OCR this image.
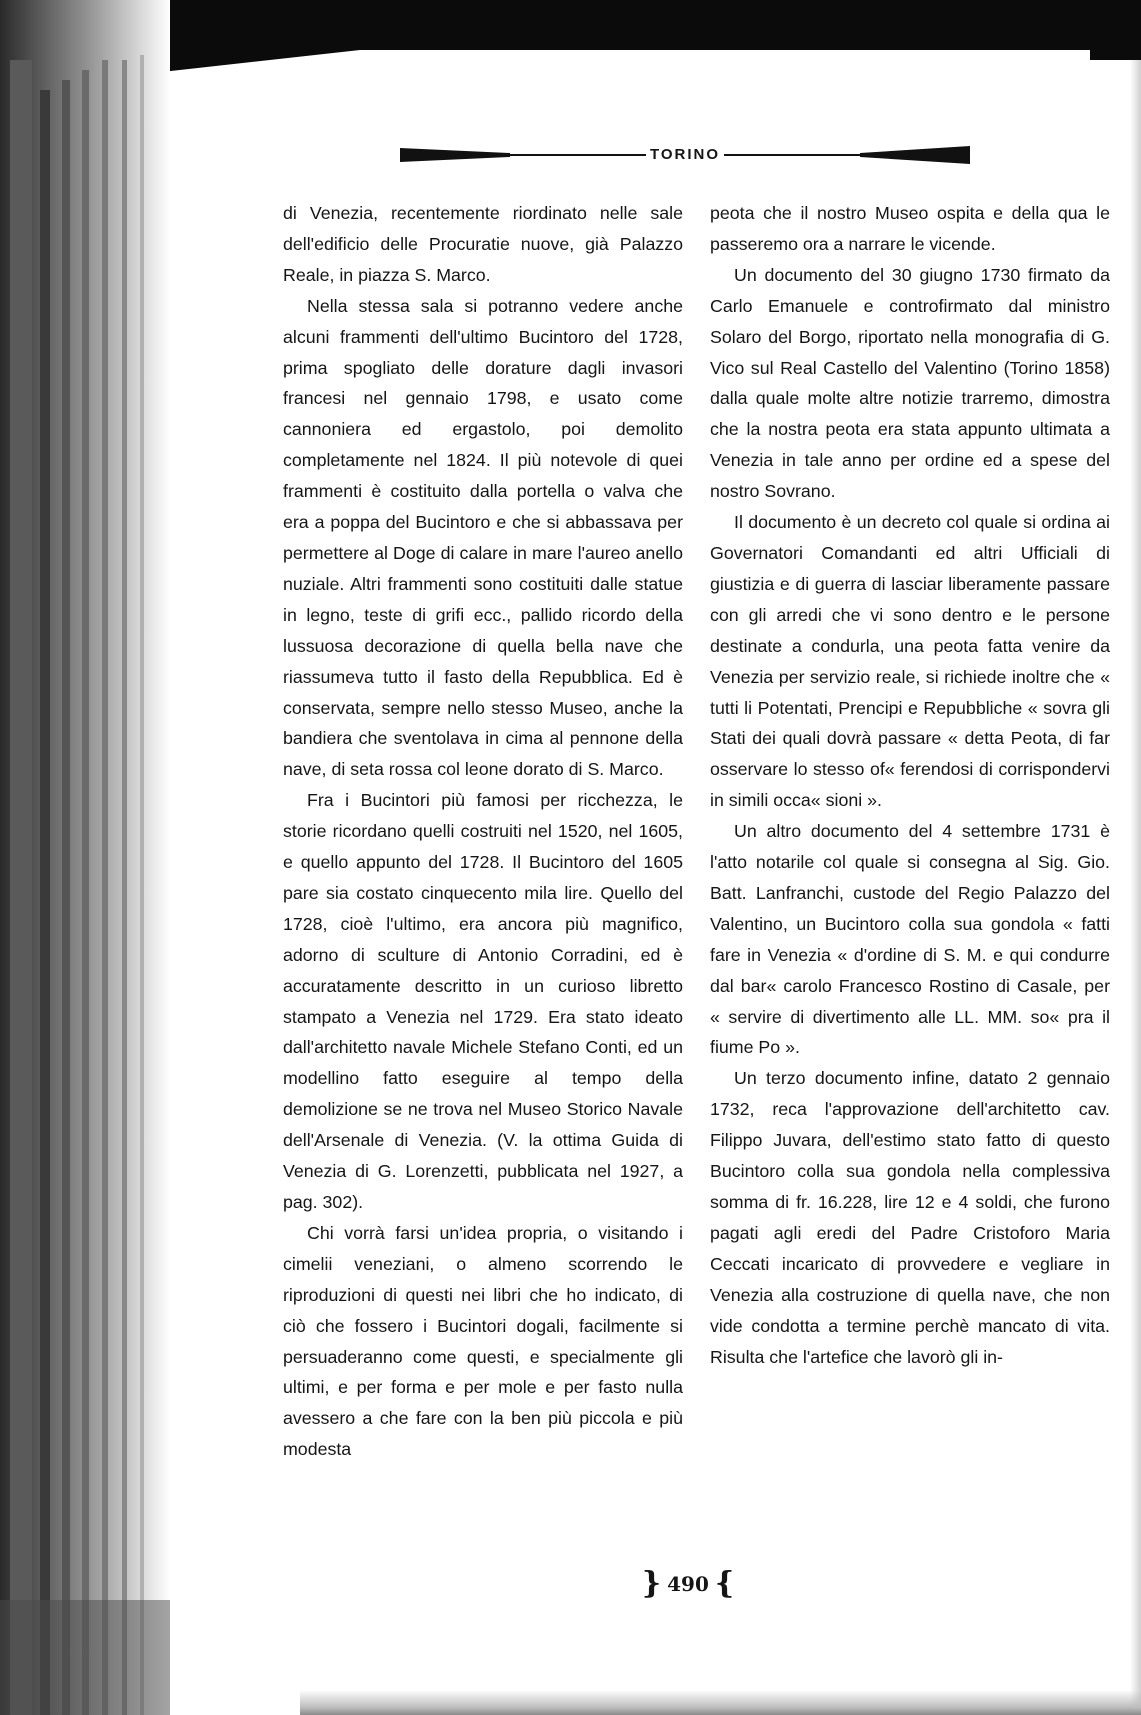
TORINO

di Venezia, recentemente riordinato nelle sale dell'edificio delle Procuratie nuove, già Palazzo Reale, in piazza S. Marco.

Nella stessa sala si potranno vedere anche alcuni frammenti dell'ultimo Bucintoro del 1728, prima spogliato delle dorature dagli invasori francesi nel gennaio 1798, e usato come cannoniera ed ergastolo, poi demolito completamente nel 1824. Il più notevole di quei frammenti è costituito dalla portella o valva che era a poppa del Bucintoro e che si abbassava per permettere al Doge di calare in mare l'aureo anello nuziale. Altri frammenti sono costituiti dalle statue in legno, teste di grifi ecc., pallido ricordo della lussuosa decorazione di quella bella nave che riassumeva tutto il fasto della Repubblica. Ed è conservata, sempre nello stesso Museo, anche la bandiera che sventolava in cima al pennone della nave, di seta rossa col leone dorato di S. Marco.

Fra i Bucintori più famosi per ricchezza, le storie ricordano quelli costruiti nel 1520, nel 1605, e quello appunto del 1728. Il Bucintoro del 1605 pare sia costato cinquecento mila lire. Quello del 1728, cioè l'ultimo, era ancora più magnifico, adorno di sculture di Antonio Corradini, ed è accuratamente descritto in un curioso libretto stampato a Venezia nel 1729. Era stato ideato dall'architetto navale Michele Stefano Conti, ed un modellino fatto eseguire al tempo della demolizione se ne trova nel Museo Storico Navale dell'Arsenale di Venezia. (V. la ottima Guida di Venezia di G. Lorenzetti, pubblicata nel 1927, a pag. 302).

Chi vorrà farsi un'idea propria, o visitando i cimelii veneziani, o almeno scorrendo le riproduzioni di questi nei libri che ho indicato, di ciò che fossero i Bucintori dogali, facilmente si persuaderanno come questi, e specialmente gli ultimi, e per forma e per mole e per fasto nulla avessero a che fare con la ben più piccola e più modesta

peota che il nostro Museo ospita e della qua le passeremo ora a narrare le vicende.

Un documento del 30 giugno 1730 firmato da Carlo Emanuele e controfirmato dal ministro Solaro del Borgo, riportato nella monografia di G. Vico sul Real Castello del Valentino (Torino 1858) dalla quale molte altre notizie trarremo, dimostra che la nostra peota era stata appunto ultimata a Venezia in tale anno per ordine ed a spese del nostro Sovrano.

Il documento è un decreto col quale si ordina ai Governatori Comandanti ed altri Ufficiali di giustizia e di guerra di lasciar liberamente passare con gli arredi che vi sono dentro e le persone destinate a condurla, una peota fatta venire da Venezia per servizio reale, si richiede inoltre che « tutti li Potentati, Prencipi e Repubbliche « sovra gli Stati dei quali dovrà passare « detta Peota, di far osservare lo stesso of« ferendosi di corrispondervi in simili occa« sioni ».

Un altro documento del 4 settembre 1731 è l'atto notarile col quale si consegna al Sig. Gio. Batt. Lanfranchi, custode del Regio Palazzo del Valentino, un Bucintoro colla sua gondola « fatti fare in Venezia « d'ordine di S. M. e qui condurre dal bar« carolo Francesco Rostino di Casale, per « servire di divertimento alle LL. MM. so« pra il fiume Po ».

Un terzo documento infine, datato 2 gennaio 1732, reca l'approvazione dell'architetto cav. Filippo Juvara, dell'estimo stato fatto di questo Bucintoro colla sua gondola nella complessiva somma di fr. 16.228, lire 12 e 4 soldi, che furono pagati agli eredi del Padre Cristoforo Maria Ceccati incaricato di provvedere e vegliare in Venezia alla costruzione di quella nave, che non vide condotta a termine perchè mancato di vita. Risulta che l'artefice che lavorò gli in-

} 490 {
